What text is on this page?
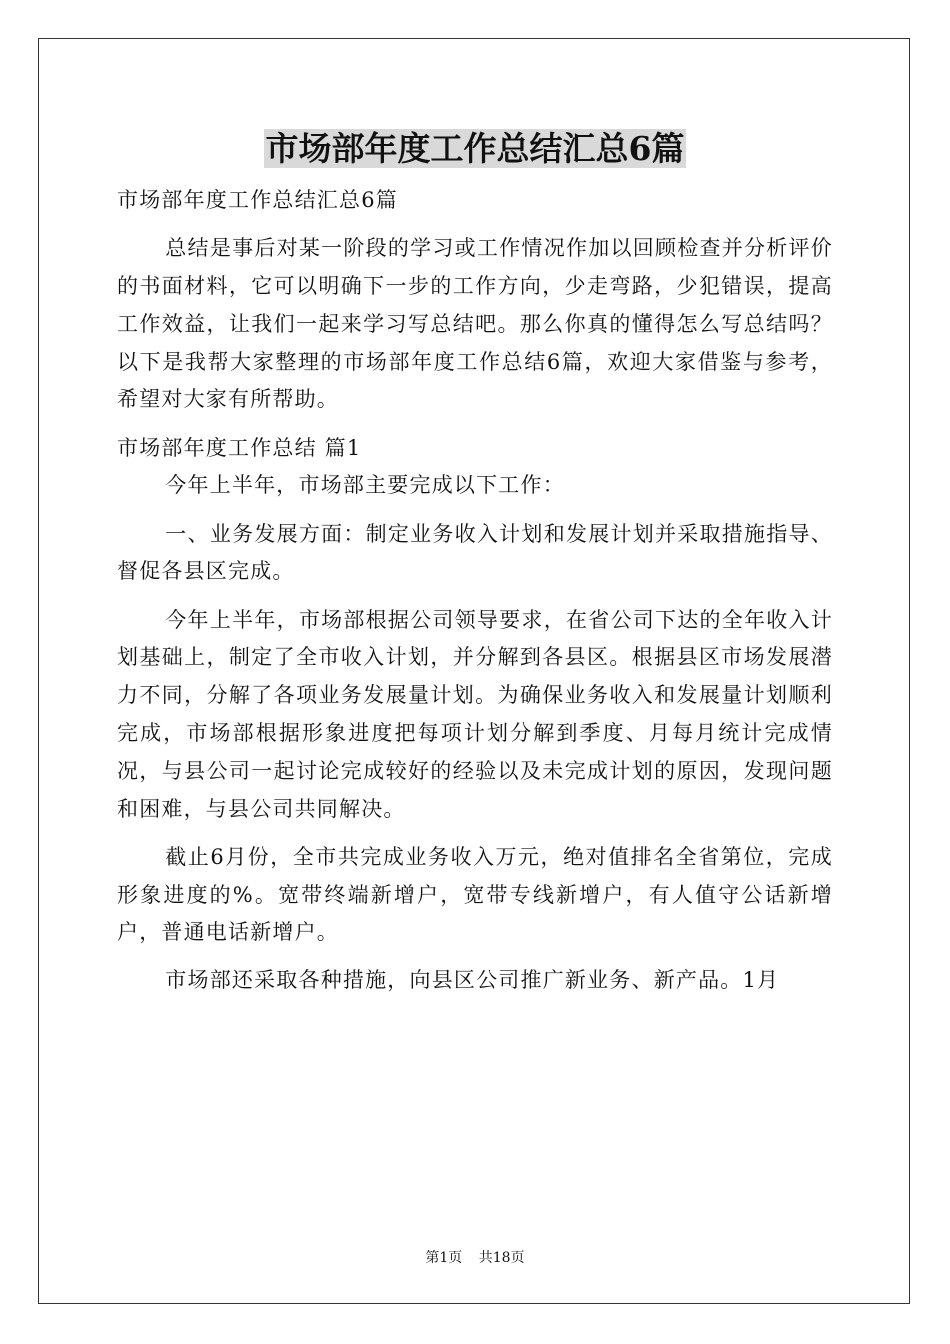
市场部年度工作总结汇总6篇

市场部年度工作总结汇总6篇

总结是事后对某一阶段的学习或工作情况作加以回顾检查并分析评价的书面材料，它可以明确下一步的工作方向，少走弯路，少犯错误，提高工作效益，让我们一起来学习写总结吧。那么你真的懂得怎么写总结吗？以下是我帮大家整理的市场部年度工作总结6篇，欢迎大家借鉴与参考，希望对大家有所帮助。

市场部年度工作总结 篇1

今年上半年，市场部主要完成以下工作：

一、业务发展方面：制定业务收入计划和发展计划并采取措施指导、督促各县区完成。

今年上半年，市场部根据公司领导要求，在省公司下达的全年收入计划基础上，制定了全市收入计划，并分解到各县区。根据县区市场发展潜力不同，分解了各项业务发展量计划。为确保业务收入和发展量计划顺利完成，市场部根据形象进度把每项计划分解到季度、月每月统计完成情况，与县公司一起讨论完成较好的经验以及未完成计划的原因，发现问题和困难，与县公司共同解决。

截止6月份，全市共完成业务收入万元，绝对值排名全省第位，完成形象进度的%。宽带终端新增户，宽带专线新增户，有人值守公话新增户，普通电话新增户。

市场部还采取各种措施，向县区公司推广新业务、新产品。1月

第1页 共18页
